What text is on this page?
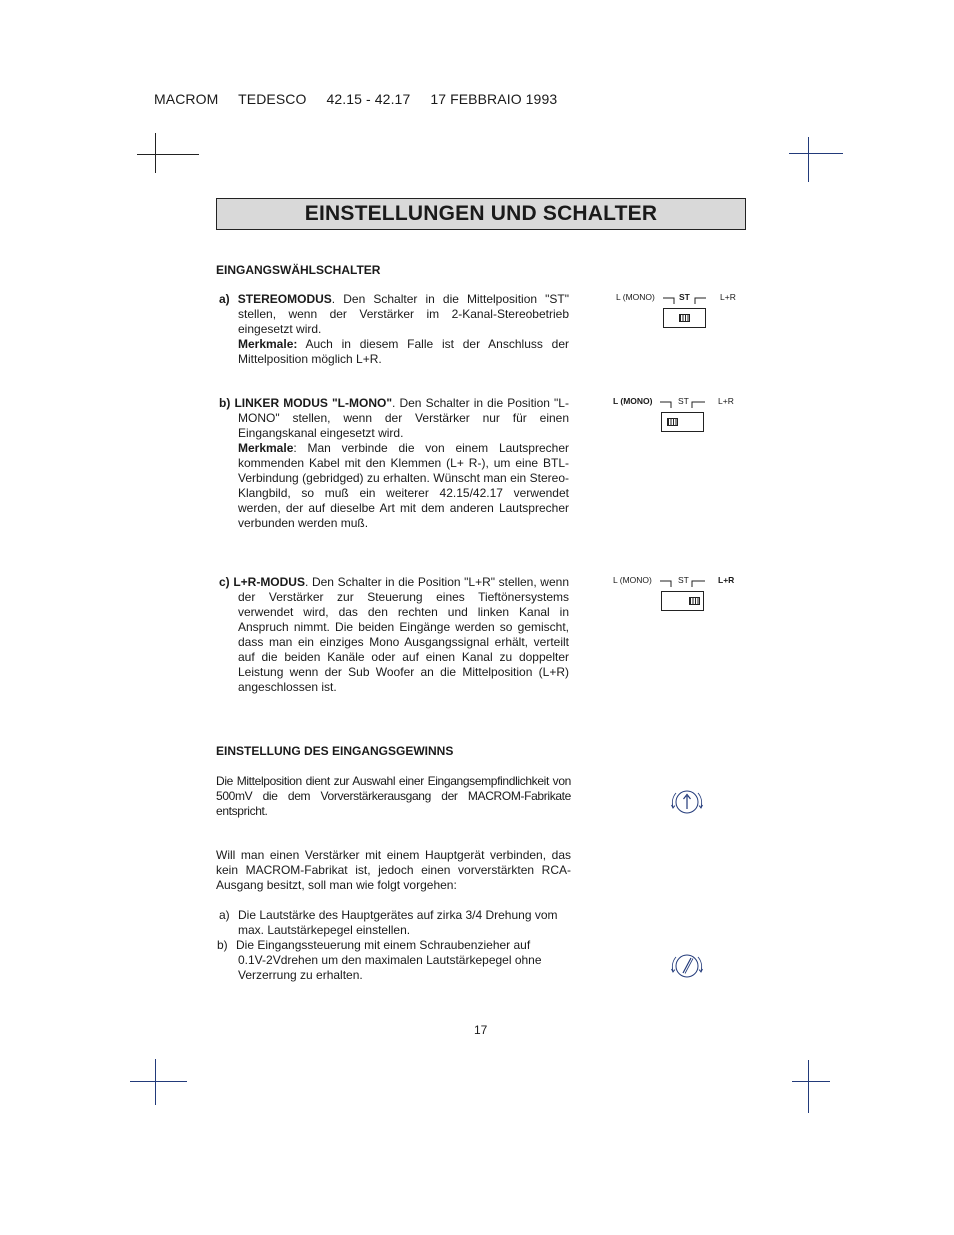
MACROM TEDESCO 42.15 - 42.17 17 FEBBRAIO 1993
EINSTELLUNGEN UND SCHALTER
EINGANGSWÄHLSCHALTER
a) STEREOMODUS. Den Schalter in die Mittelposition "ST" stellen, wenn der Verstärker im 2-Kanal-Stereobetrieb eingesetzt wird.
Merkmale: Auch in diesem Falle ist der Anschluss der Mittelposition möglich L+R.
b) LINKER MODUS "L-MONO". Den Schalter in die Position "L-MONO" stellen, wenn der Verstärker nur für einen Eingangskanal eingesetzt wird.
Merkmale: Man verbinde die von einem Lautsprecher kommenden Kabel mit den Klemmen (L+ R-), um eine BTL-Verbindung (gebridged) zu erhalten. Wünscht man ein Stereo-Klangbild, so muß ein weiterer 42.15/42.17 verwendet werden, der auf dieselbe Art mit dem anderen Lautsprecher verbunden werden muß.
c) L+R-MODUS. Den Schalter in die Position "L+R" stellen, wenn der Verstärker zur Steuerung eines Tieftönersystems verwendet wird, das den rechten und linken Kanal in Anspruch nimmt. Die beiden Eingänge werden so gemischt, dass man ein einziges Mono Ausgangssignal erhält, verteilt auf die beiden Kanäle oder auf einen Kanal zu doppelter Leistung wenn der Sub Woofer an die Mittelposition (L+R) angeschlossen ist.
L (MONO)	ST	L+R
L (MONO)	ST	L+R
L (MONO)	ST	L+R
EINSTELLUNG DES EINGANGSGEWINNS
Die Mittelposition dient zur Auswahl einer Eingangsempfindlichkeit von 500mV die dem Vorverstärkerausgang der MACROM-Fabrikate entspricht.
Will man einen Verstärker mit einem Hauptgerät verbinden, das kein MACROM-Fabrikat ist, jedoch einen vorverstärkten RCA-Ausgang besitzt, soll man wie folgt vorgehen:
a) Die Lautstärke des Hauptgerätes auf zirka 3/4 Drehung vom
max. Lautstärkepegel einstellen.
b) Die Eingangssteuerung mit einem Schraubenzieher auf
0.1V-2Vdrehen um den maximalen Lautstärkepegel ohne
Verzerrung zu erhalten.
17
